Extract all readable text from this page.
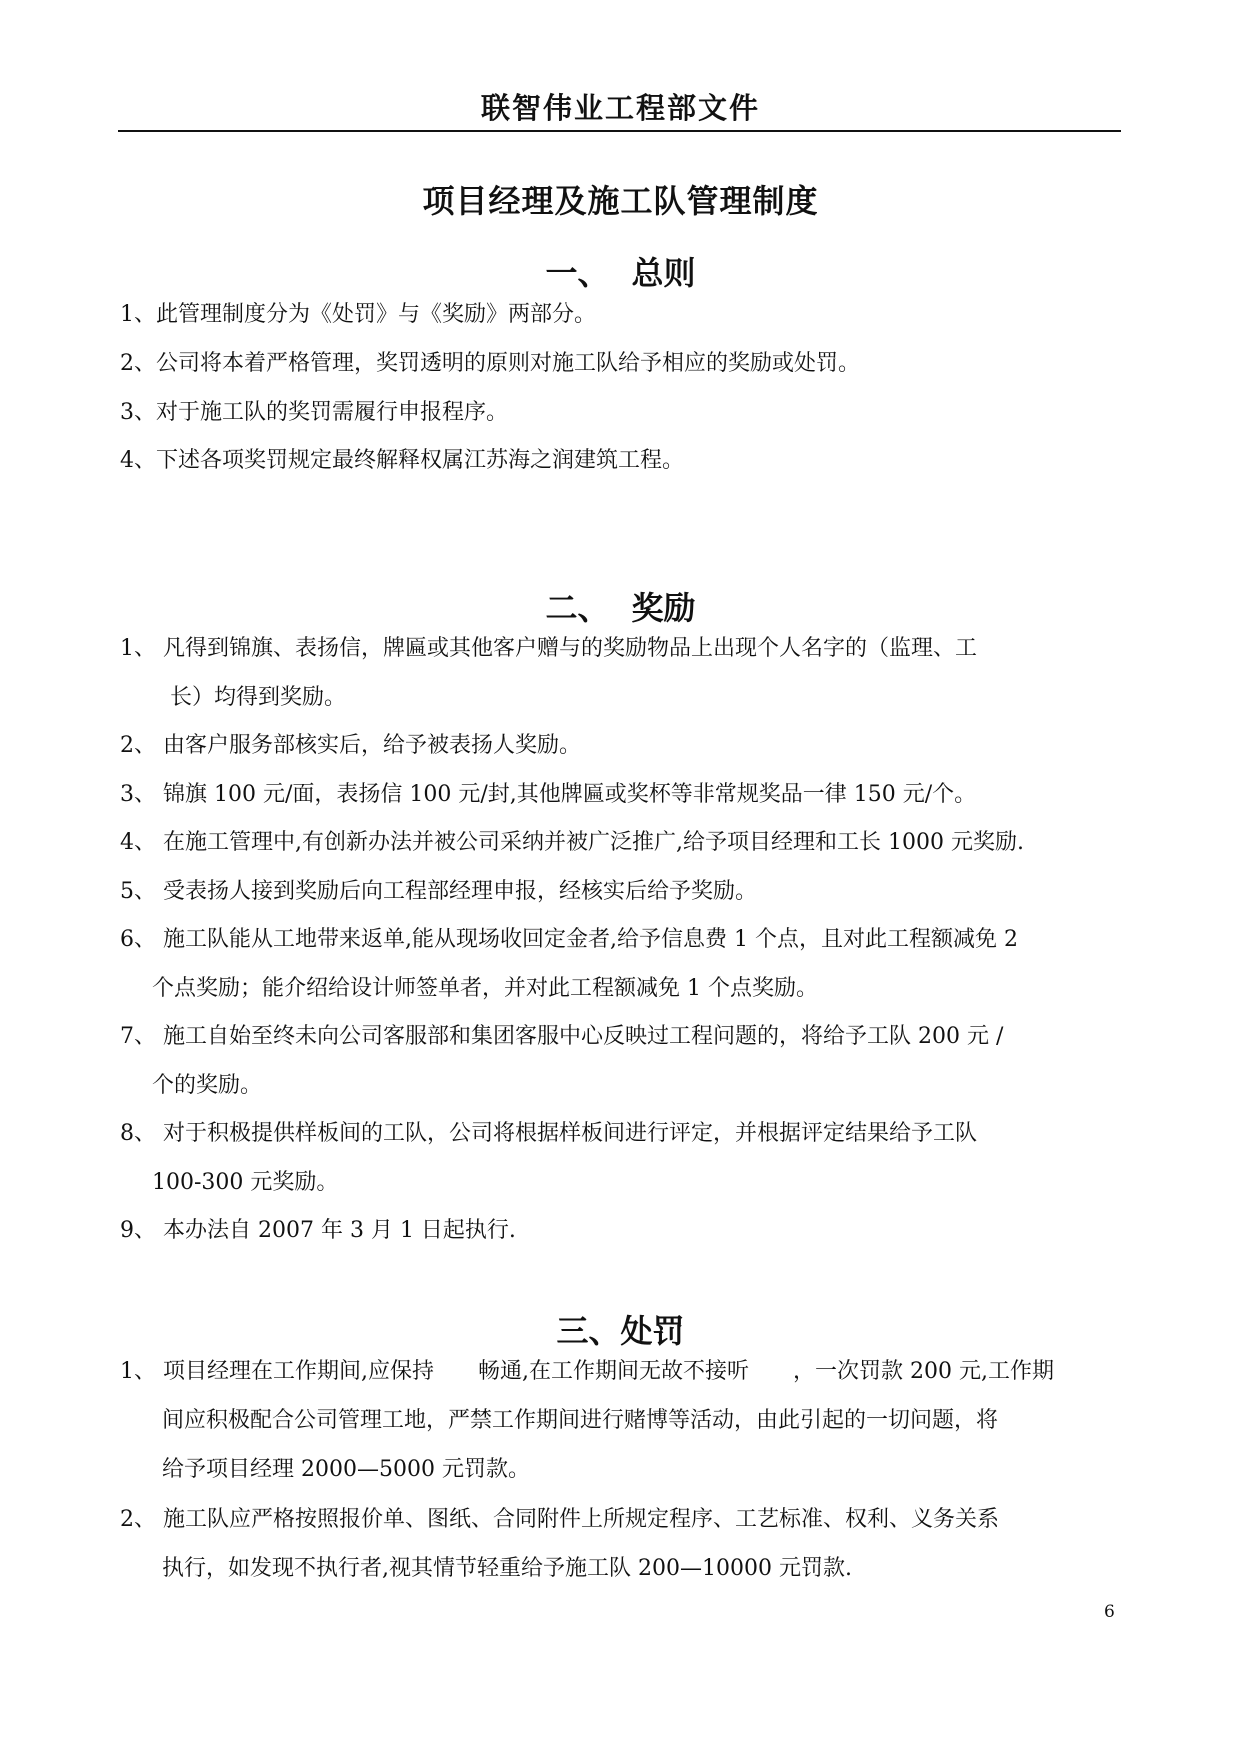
联智伟业工程部文件
项目经理及施工队管理制度
一、 总则
1、此管理制度分为《处罚》与《奖励》两部分。
2、公司将本着严格管理，奖罚透明的原则对施工队给予相应的奖励或处罚。
3、对于施工队的奖罚需履行申报程序。
4、下述各项奖罚规定最终解释权属江苏海之润建筑工程。
二、 奖励
1、 凡得到锦旗、表扬信，牌匾或其他客户赠与的奖励物品上出现个人名字的（监理、工
长）均得到奖励。
2、 由客户服务部核实后，给予被表扬人奖励。
3、 锦旗 100 元/面，表扬信 100 元/封,其他牌匾或奖杯等非常规奖品一律 150 元/个。
4、 在施工管理中,有创新办法并被公司采纳并被广泛推广,给予项目经理和工长 1000 元奖励.
5、 受表扬人接到奖励后向工程部经理申报，经核实后给予奖励。
6、 施工队能从工地带来返单,能从现场收回定金者,给予信息费 1 个点，且对此工程额减免 2
个点奖励；能介绍给设计师签单者，并对此工程额减免 1 个点奖励。
7、 施工自始至终未向公司客服部和集团客服中心反映过工程问题的，将给予工队 200 元 /
个的奖励。
8、 对于积极提供样板间的工队，公司将根据样板间进行评定，并根据评定结果给予工队
100-300 元奖励。
9、 本办法自 2007 年 3 月 1 日起执行.
三、处罚
1、 项目经理在工作期间,应保持　　畅通,在工作期间无故不接听　　，一次罚款 200 元,工作期
间应积极配合公司管理工地，严禁工作期间进行赌博等活动，由此引起的一切问题，将
给予项目经理 2000—5000 元罚款。
2、 施工队应严格按照报价单、图纸、合同附件上所规定程序、工艺标准、权利、义务关系
执行，如发现不执行者,视其情节轻重给予施工队 200—10000 元罚款.
6
